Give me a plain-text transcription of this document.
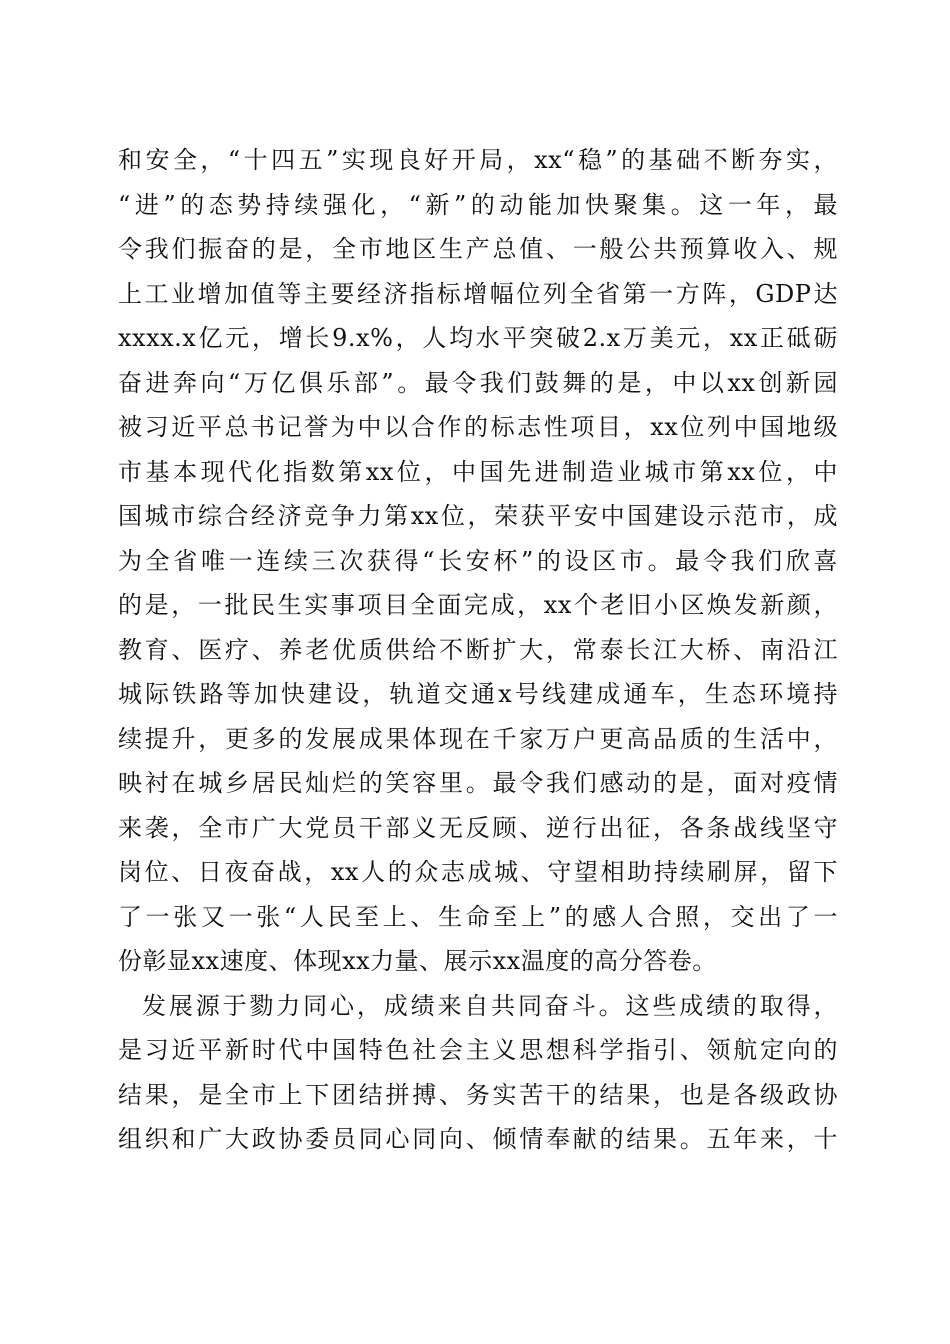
和安全，“十四五”实现良好开局，xx“稳”的基础不断夯实，
“进”的态势持续强化，“新”的动能加快聚集。这一年，最
令我们振奋的是，全市地区生产总值、一般公共预算收入、规
上工业增加值等主要经济指标增幅位列全省第一方阵，GDP达
xxxx.x亿元，增长9.x%，人均水平突破2.x万美元，xx正砥砺
奋进奔向“万亿俱乐部”。最令我们鼓舞的是，中以xx创新园
被习近平总书记誉为中以合作的标志性项目，xx位列中国地级
市基本现代化指数第xx位，中国先进制造业城市第xx位，中
国城市综合经济竞争力第xx位，荣获平安中国建设示范市，成
为全省唯一连续三次获得“长安杯”的设区市。最令我们欣喜
的是，一批民生实事项目全面完成，xx个老旧小区焕发新颜，
教育、医疗、养老优质供给不断扩大，常泰长江大桥、南沿江
城际铁路等加快建设，轨道交通x号线建成通车，生态环境持
续提升，更多的发展成果体现在千家万户更高品质的生活中，
映衬在城乡居民灿烂的笑容里。最令我们感动的是，面对疫情
来袭，全市广大党员干部义无反顾、逆行出征，各条战线坚守
岗位、日夜奋战，xx人的众志成城、守望相助持续刷屏，留下
了一张又一张“人民至上、生命至上”的感人合照，交出了一
份彰显xx速度、体现xx力量、展示xx温度的高分答卷。
发展源于勠力同心，成绩来自共同奋斗。这些成绩的取得，
是习近平新时代中国特色社会主义思想科学指引、领航定向的
结果，是全市上下团结拼搏、务实苦干的结果，也是各级政协
组织和广大政协委员同心同向、倾情奉献的结果。五年来，十
